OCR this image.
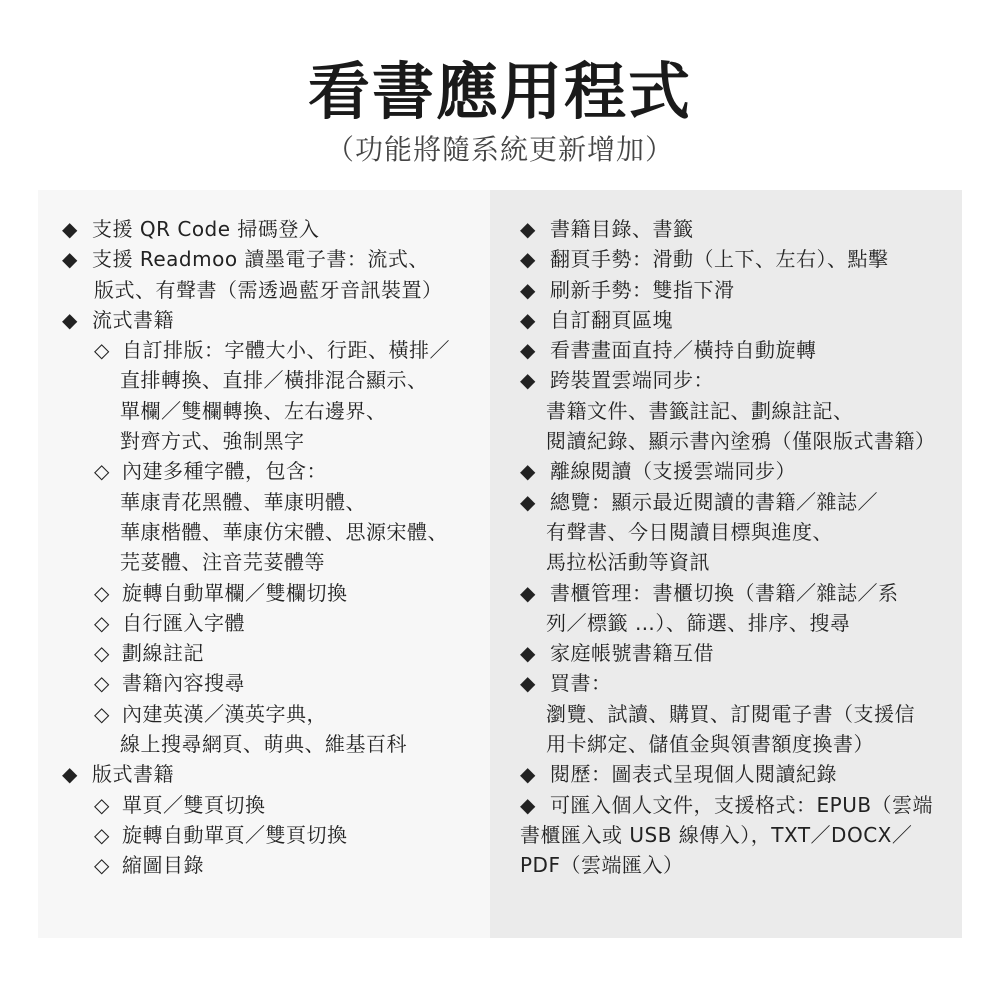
看書應用程式
（功能將隨系統更新增加）
◆ 支援 QR Code 掃碼登入
◆ 支援 Readmoo 讀墨電子書：流式、
版式、有聲書（需透過藍牙音訊裝置）
◆ 流式書籍
◇ 自訂排版：字體大小、行距、橫排／
直排轉換、直排／橫排混合顯示、
單欄／雙欄轉換、左右邊界、
對齊方式、強制黑字
◇ 內建多種字體，包含：
華康青花黑體、華康明體、
華康楷體、華康仿宋體、思源宋體、
芫荽體、注音芫荽體等
◇ 旋轉自動單欄／雙欄切換
◇ 自行匯入字體
◇ 劃線註記
◇ 書籍內容搜尋
◇ 內建英漢／漢英字典，
線上搜尋網頁、萌典、維基百科
◆ 版式書籍
◇ 單頁／雙頁切換
◇ 旋轉自動單頁／雙頁切換
◇ 縮圖目錄
◆ 書籍目錄、書籤
◆ 翻頁手勢：滑動（上下、左右）、點擊
◆ 刷新手勢：雙指下滑
◆ 自訂翻頁區塊
◆ 看書畫面直持／橫持自動旋轉
◆ 跨裝置雲端同步：
書籍文件、書籤註記、劃線註記、
閱讀紀錄、顯示書內塗鴉（僅限版式書籍）
◆ 離線閱讀（支援雲端同步）
◆ 總覽：顯示最近閱讀的書籍／雜誌／
有聲書、今日閱讀目標與進度、
馬拉松活動等資訊
◆ 書櫃管理：書櫃切換（書籍／雜誌／系
列／標籤 …）、篩選、排序、搜尋
◆ 家庭帳號書籍互借
◆ 買書：
瀏覽、試讀、購買、訂閱電子書（支援信
用卡綁定、儲值金與領書額度換書）
◆ 閱歷：圖表式呈現個人閱讀紀錄
◆ 可匯入個人文件，支援格式：EPUB（雲端
書櫃匯入或 USB 線傳入），TXT／DOCX／
PDF（雲端匯入）
